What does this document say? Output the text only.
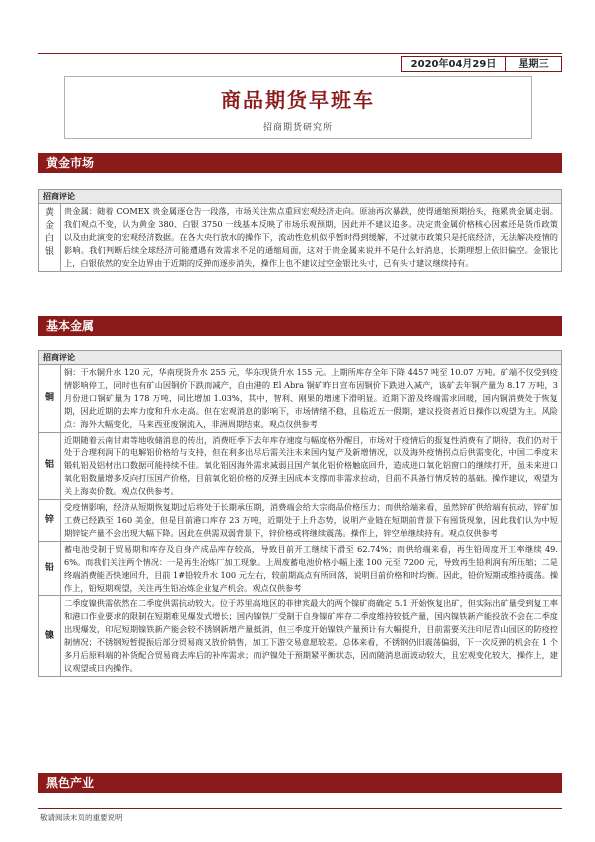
2020年04月29日	星期三
商品期货早班车
招商期货研究所
黄金市场
招商评论

黄
金
白
银
	贵金属：随着 COMEX 贵金属逐仓告一段落，市场关注焦点重回宏观经济走向。原油再次暴跌，使得通缩预期抬头，拖累贵金属走弱。我们观点不变，认为黄金 380、白银 3750 一线基本反映了市场乐观预期，因此并不建议追多。决定贵金属价格核心因素还是货币政策以及由此演变的宏观经济数据。在各大央行放水的操作下，流动性危机似乎暂时得到缓解，不过就市政策只是托底经济，无法解决疫情的影响。我们判断后续全球经济可能遭遇有效需求不足的通缩局面，这对于贵金属来说并不是什么好消息，长期理想上依旧偏空。金银比上，白银依然的安全边界由于近期的反弹而逐步消失，操作上也不建议过空金银比头寸，已有头寸建议继续持有。
基本金属
招商评论	
铜	铜：干水铜升水 120 元，华南现货升水 255 元，华东现货升水 155 元。上期所库存全年下降 4457 吨至 10.07 万吨。矿端不仅受到疫情影响停工，同时也有矿山因铜价下跌而减产，自由港的 El Abra 铜矿昨日宣布因铜价下跌进入减产，该矿去年铜产量为 8.17 万吨，3 月份进口铜矿量为 178 万吨，同比增加 1.03%，其中，智利、刚果的增速下滑明显。近期下游及终端需求回暖，国内铜消费处于恢复期，因此近期的去库力度和升水走高。但在宏观消息的影响下，市场情绪不稳，且临近五一假期，建议投资者近日操作以观望为主。风险点：海外大幅变化，马来西亚废铜流入，非洲周期结束。观点仅供参考
铝	近期随着云南甘肃等地收储消息的传出，消费旺季下去年库存速度与幅度格外醒目，市场对于疫情后的报复性消费有了期待，我们仍对于处于合理利润下的电解铝价格给与支持，但在利多出尽后需关注未来国内复产及新增情况，以及海外疫情拐点后供需变化，中国二季度末锻轧铝及铝材出口数据可能持续不佳。氧化铝因海外需求减弱且国产氧化铝价格触底回升，造成进口氧化铝窗口的继续打开，虽未来进口氧化铝数量增多反向打压国产价格，目前氧化铝价格的反弹主因成本支撑而非需求拉动，目前不具备行情反转的基础。操作建议，观望为关上海卖价数。观点仅供参考。
锌	受疫情影响，经济从短期恢复期过后将处于长期承压期，消费端会给大宗商品价格压力；而供给端来看，虽然锌矿供给端有抗动，锌矿加工费已经跌至 160 美金，但是目前港口库存 23 万吨，近期处于上升态势，说明产业链在短期前背景下有囤货现象，因此我们认为中短期锌锭产量不会出现大幅下降。因此在供需双弱背景下，锌价格或将继续震荡。操作上，锌空单继续持有。观点仅供参考
铅	蓄电池受制于贸易期和库存及自身产成品库存较高，导致目前开工继续下滑至 62.74%；而供给端来看，再生铅周度开工率继续 49.6%。而我们关注两个情况：一是再生冶炼厂加工现象。上周废蓄电池价格小幅上涨 100 元至 7200 元，导致再生铅利润有所压缩；二是终端消费能否快速回升，目前 1#铅较升水 100 元左右，较前期高点有所回落，说明目前价格和时均衡。因此，铅价短期或维持震荡。操作上，铅短期观望，关注再生铅冶炼企业复产机会。观点仅供参考
镍	二季度镍供需依然在二季度供需抗动较大。位于苏里高地区的菲律宾最大的两个镍矿商确定 5.1 开始恢复出矿，但实际出矿量受到复工率和港口作业要求的限制在短期难见爆发式增长；国内镍铁厂受制于自身镍矿库存二季度维持较低产量，国内镍铁新产能投放不会在二季度出现爆发，印尼短期镍铁新产能会较不锈钢新增产量抵消，但三季度开始镍铁产量预计有大幅提升，目前需要关注印尼青山园区的防疫控制情况；不锈钢短暂提振后部分贸易商又放价销售，加工下游交易意愿较差。总体来看，不锈钢仍旧震荡偏弱，下一次反弹的机会在 1 个多月后原料端的补货配合贸易商去库后的补库需求；而沪镍处于预期紧平衡状态，因而随消息面波动较大，且宏观变化较大，操作上，建议观望或日内操作。
黑色产业
敬请阅读末页的重要说明
